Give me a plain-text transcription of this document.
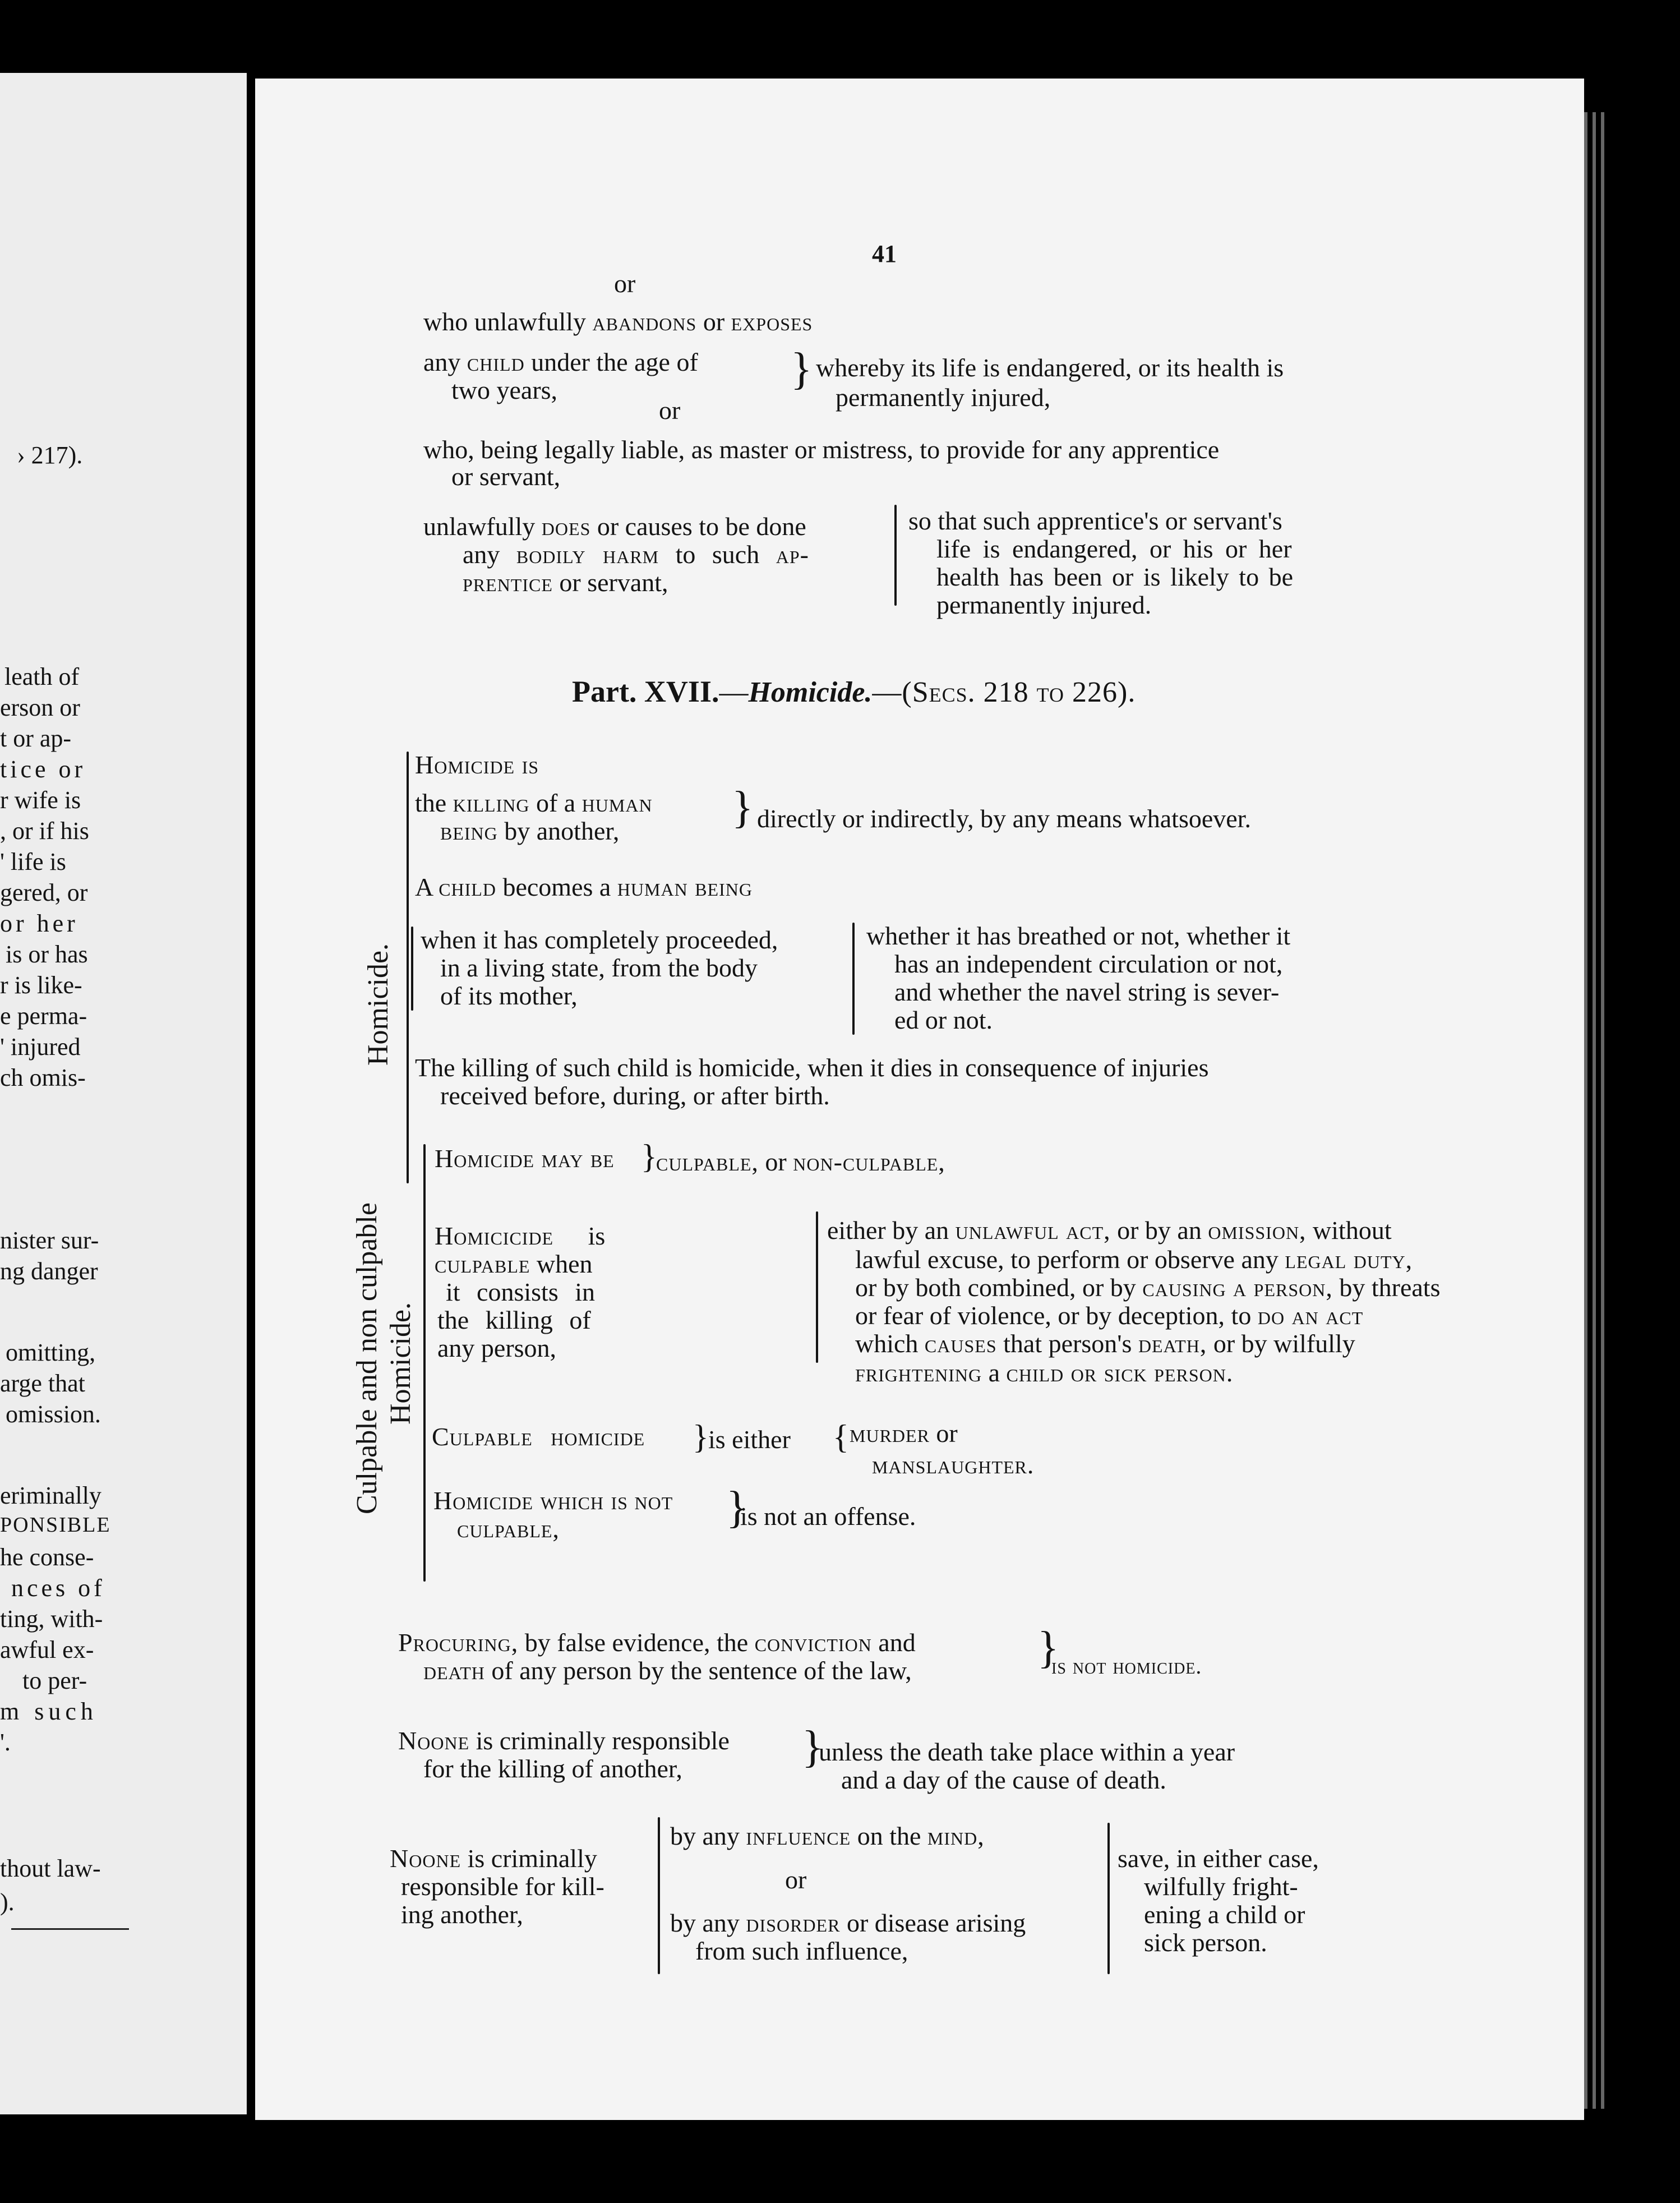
› 217).
leath of
erson or
t or ap-
tice or
r wife is
, or if his
' life is
gered, or
or her
is or has
r is like-
e perma-
' injured
ch omis-
nister sur-
ng danger
omitting,
arge that
omission.
eriminally
PONSIBLE
he conse-
nces of
ting, with-
awful ex-
to per-
m such
'.
thout law-
).
41
or
who unlawfully abandons or exposes
any child under the age of
two years,	} whereby its life is endangered, or its health is
permanently injured,
or
who, being legally liable, as master or mistress, to provide for any apprentice
or servant,
unlawfully does or causes to be done
any bodily harm to such ap-
prentice or servant,
so that such apprentice's or servant's
life is endangered, or his or her
health has been or is likely to be
permanently injured.
Part. XVII.—Homicide.—(Secs. 218 to 226).
Homicide.
Homicide is
the killing of a human
being by another,	} directly or indirectly, by any means whatsoever.
A child becomes a human being
when it has completely proceeded,
in a living state, from the body
of its mother,
whether it has breathed or not, whether it
has an independent circulation or not,
and whether the navel string is sever-
ed or not.
The killing of such child is homicide, when it dies in consequence of injuries
received before, during, or after birth.
Culpable and non culpable Homicide.
Homicide may be }
culpable, or non-culpable,
Homicicide is
culpable when
it consists in
the killing of
any person,
either by an unlawful act, or by an omission, without
lawful excuse, to perform or observe any legal duty,
or by both combined, or by causing a person, by threats
or fear of violence, or by deception, to do an act
which causes that person's death, or by wilfully
frightening a child or sick person.
Culpable homicide } is either { murder or
manslaughter.
Homicide which is not
culpable,	}
is not an offense.
Procuring, by false evidence, the conviction and
death of any person by the sentence of the law,	}
is not homicide.
Noone is criminally responsible
for the killing of another,	}
unless the death take place within a year
and a day of the cause of death.
Noone is criminally
responsible for kill-
ing another,
by any influence on the mind,
or
by any disorder or disease arising
from such influence,
save, in either case,
wilfully fright-
ening a child or
sick person.
